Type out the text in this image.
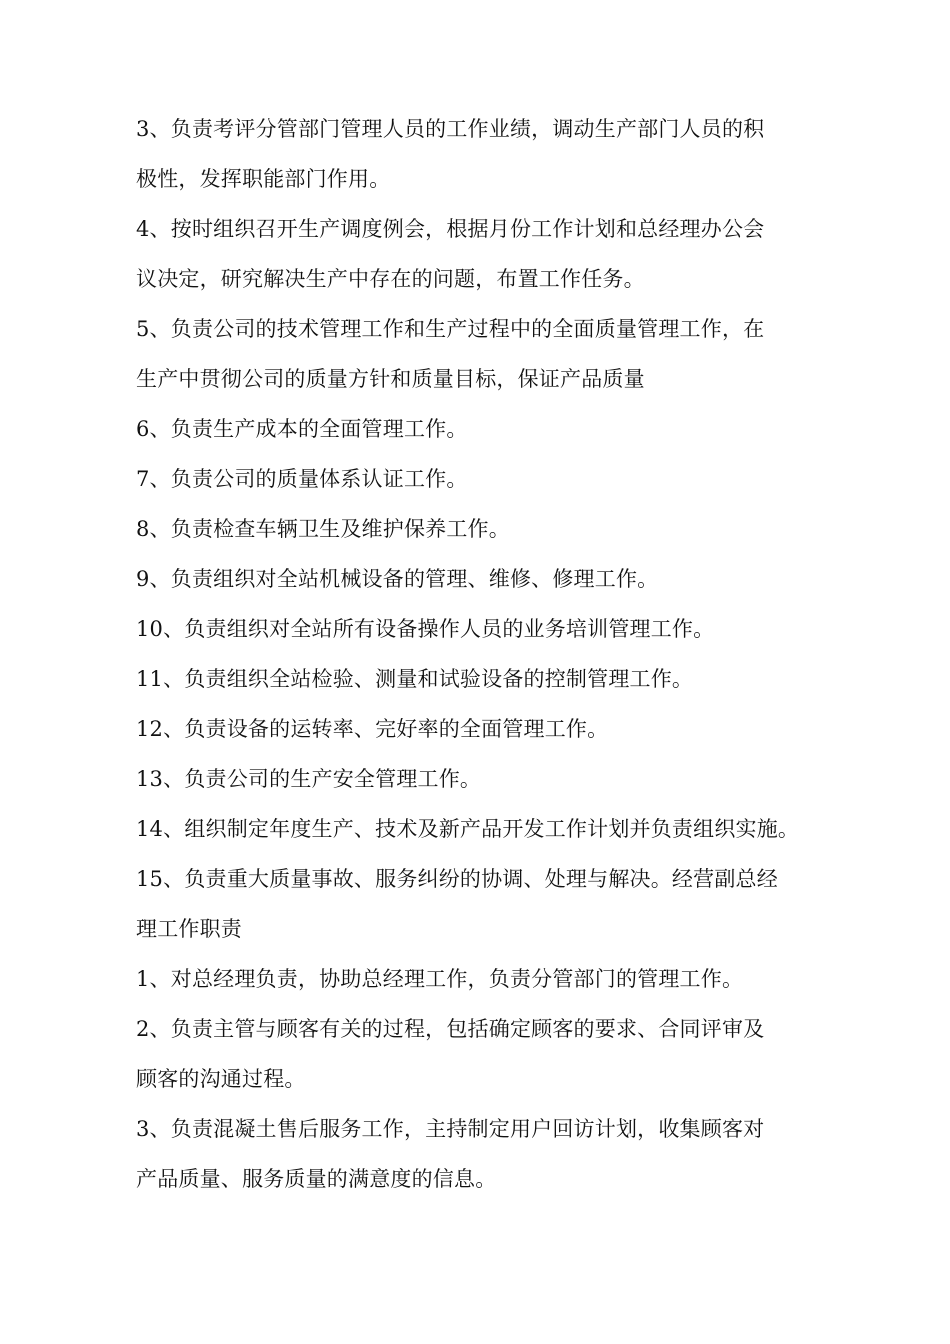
3、负责考评分管部门管理人员的工作业绩，调动生产部门人员的积
极性，发挥职能部门作用。
4、按时组织召开生产调度例会，根据月份工作计划和总经理办公会
议决定，研究解决生产中存在的问题，布置工作任务。
5、负责公司的技术管理工作和生产过程中的全面质量管理工作，在
生产中贯彻公司的质量方针和质量目标，保证产品质量
6、负责生产成本的全面管理工作。
7、负责公司的质量体系认证工作。
8、负责检查车辆卫生及维护保养工作。
9、负责组织对全站机械设备的管理、维修、修理工作。
10、负责组织对全站所有设备操作人员的业务培训管理工作。
11、负责组织全站检验、测量和试验设备的控制管理工作。
12、负责设备的运转率、完好率的全面管理工作。
13、负责公司的生产安全管理工作。
14、组织制定年度生产、技术及新产品开发工作计划并负责组织实施。
15、负责重大质量事故、服务纠纷的协调、处理与解决。经营副总经
理工作职责
1、对总经理负责，协助总经理工作，负责分管部门的管理工作。
2、负责主管与顾客有关的过程，包括确定顾客的要求、合同评审及
顾客的沟通过程。
3、负责混凝土售后服务工作，主持制定用户回访计划，收集顾客对
产品质量、服务质量的满意度的信息。
